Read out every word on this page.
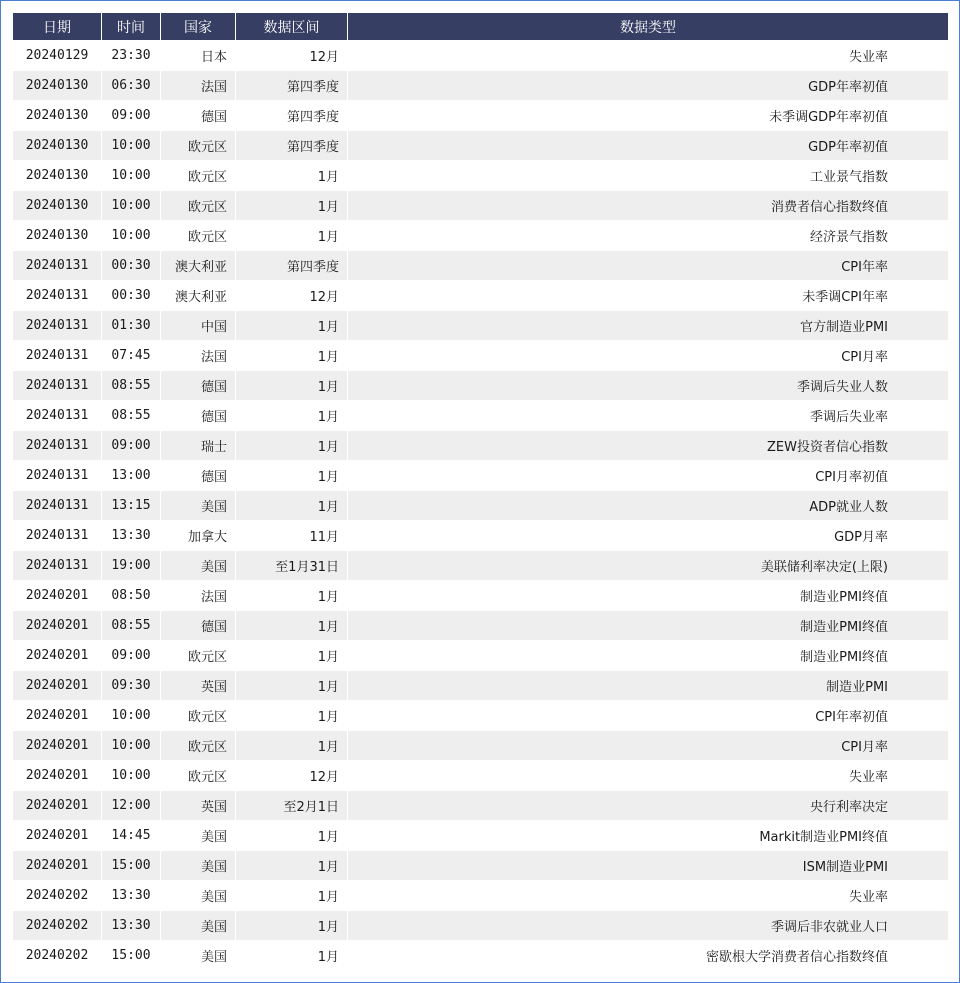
日期	时间	国家	数据区间	数据类型
20240129	23:30	日本	12月	失业率
20240130	06:30	法国	第四季度	GDP年率初值
20240130	09:00	德国	第四季度	未季调GDP年率初值
20240130	10:00	欧元区	第四季度	GDP年率初值
20240130	10:00	欧元区	1月	工业景气指数
20240130	10:00	欧元区	1月	消费者信心指数终值
20240130	10:00	欧元区	1月	经济景气指数
20240131	00:30	澳大利亚	第四季度	CPI年率
20240131	00:30	澳大利亚	12月	未季调CPI年率
20240131	01:30	中国	1月	官方制造业PMI
20240131	07:45	法国	1月	CPI月率
20240131	08:55	德国	1月	季调后失业人数
20240131	08:55	德国	1月	季调后失业率
20240131	09:00	瑞士	1月	ZEW投资者信心指数
20240131	13:00	德国	1月	CPI月率初值
20240131	13:15	美国	1月	ADP就业人数
20240131	13:30	加拿大	11月	GDP月率
20240131	19:00	美国	至1月31日	美联储利率决定(上限)
20240201	08:50	法国	1月	制造业PMI终值
20240201	08:55	德国	1月	制造业PMI终值
20240201	09:00	欧元区	1月	制造业PMI终值
20240201	09:30	英国	1月	制造业PMI
20240201	10:00	欧元区	1月	CPI年率初值
20240201	10:00	欧元区	1月	CPI月率
20240201	10:00	欧元区	12月	失业率
20240201	12:00	英国	至2月1日	央行利率决定
20240201	14:45	美国	1月	Markit制造业PMI终值
20240201	15:00	美国	1月	ISM制造业PMI
20240202	13:30	美国	1月	失业率
20240202	13:30	美国	1月	季调后非农就业人口
20240202	15:00	美国	1月	密歇根大学消费者信心指数终值
